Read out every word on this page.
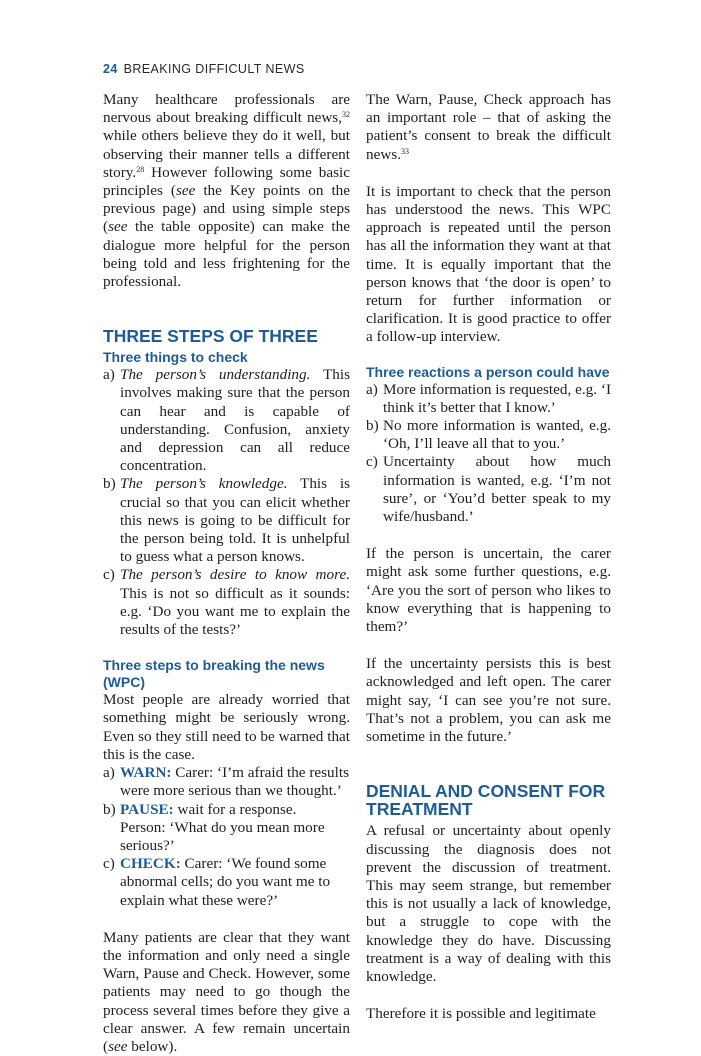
24 BREAKING DIFFICULT NEWS

Many healthcare professionals are nervous about breaking difficult news,$^{32}$ while others believe they do it well, but observing their manner tells a different story.$^{28}$ However following some basic principles (see the Key points on the previous page) and using simple steps (see the table opposite) can make the dialogue more helpful for the person being told and less frightening for the professional.

THREE STEPS OF THREE
Three things to check
a) The person’s understanding. This involves making sure that the person can hear and is capable of understanding. Confusion, anxiety and depression can all reduce concentration.
b) The person’s knowledge. This is crucial so that you can elicit whether this news is going to be difficult for the person being told. It is unhelpful to guess what a person knows.
c) The person’s desire to know more. This is not so difficult as it sounds: e.g. ‘Do you want me to explain the results of the tests?’
Three steps to breaking the news (WPC)

Most people are already worried that something might be seriously wrong. Even so they still need to be warned that this is the case.

a) WARN: Carer: ‘I’m afraid the results
were more serious than we thought.’
b) PAUSE: wait for a response.
Person: ‘What do you mean more serious?’
c) CHECK: Carer: ‘We found some
abnormal cells; do you want me to explain what these were?’

Many patients are clear that they want the information and only need a single Warn, Pause and Check. However, some patients may need to go though the process several times before they give a clear answer. A few remain uncertain (see below).

The Warn, Pause, Check approach has an important role – that of asking the patient’s consent to break the difficult news.$^{33}$

It is important to check that the person has understood the news. This WPC approach is repeated until the person has all the information they want at that time. It is equally important that the person knows that ‘the door is open’ to return for further information or clarification. It is good practice to offer a follow-up interview.

Three reactions a person could have
a) More information is requested, e.g. ‘I think it’s better that I know.’
b) No more information is wanted, e.g. ‘Oh, I’ll leave all that to you.’
c) Uncertainty about how much information is wanted, e.g. ‘I’m not sure’, or ‘You’d better speak to my wife/husband.’

If the person is uncertain, the carer might ask some further questions, e.g. ‘Are you the sort of person who likes to know everything that is happening to them?’

If the uncertainty persists this is best acknowledged and left open. The carer might say, ‘I can see you’re not sure. That’s not a problem, you can ask me sometime in the future.’

DENIAL AND CONSENT FOR TREATMENT

A refusal or uncertainty about openly discussing the diagnosis does not prevent the discussion of treatment. This may seem strange, but remember this is not usually a lack of knowledge, but a struggle to cope with the knowledge they do have. Discussing treatment is a way of dealing with this knowledge.

Therefore it is possible and legitimate
